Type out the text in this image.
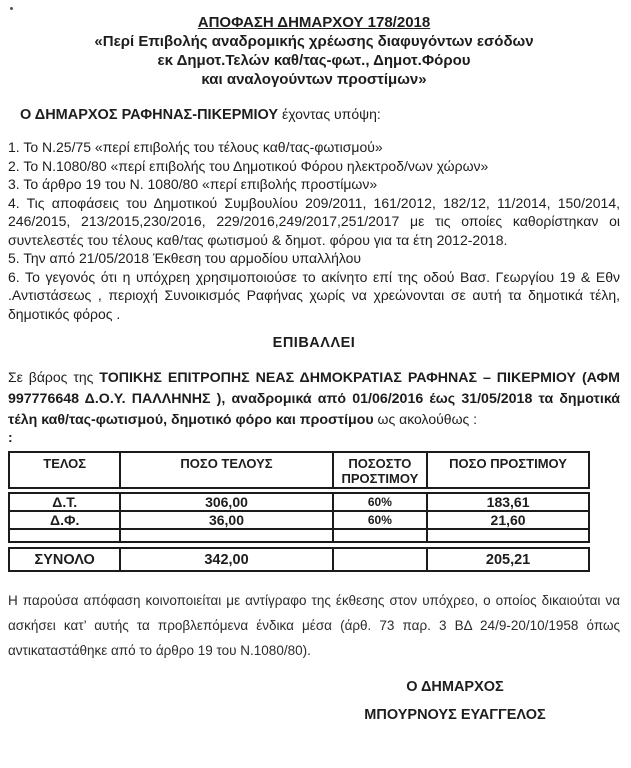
ΑΠΟΦΑΣΗ ΔΗΜΑΡΧΟΥ 178/2018
«Περί Επιβολής αναδρομικής χρέωσης διαφυγόντων εσόδων
εκ Δημοτ.Τελών καθ/τας-φωτ., Δημοτ.Φόρου
και αναλογούντων προστίμων»

Ο ΔΗΜΑΡΧΟΣ ΡΑΦΗΝΑΣ-ΠΙΚΕΡΜΙΟΥ έχοντας υπόψη:

1. Το Ν.25/75 «περί επιβολής του τέλους καθ/τας-φωτισμού»

2. Το Ν.1080/80 «περί επιβολής του Δημοτικού Φόρου ηλεκτροδ/νων χώρων»

3. Το άρθρο 19 του Ν. 1080/80 «περί επιβολής προστίμων»

4. Τις αποφάσεις του Δημοτικού Συμβουλίου 209/2011, 161/2012, 182/12, 11/2014, 150/2014, 246/2015, 213/2015,230/2016, 229/2016,249/2017,251/2017 με τις οποίες καθορίστηκαν οι συντελεστές του τέλους καθ/τας φωτισμού & δημοτ. φόρου για τα έτη 2012-2018.

5. Την από 21/05/2018 Έκθεση του αρμοδίου υπαλλήλου

6. Το γεγονός ότι η υπόχρεη χρησιμοποιούσε το ακίνητο επί της οδού Βασ. Γεωργίου 19 & Εθν .Αντιστάσεως , περιοχή Συνοικισμός Ραφήνας χωρίς να χρεώνονται σε αυτή τα δημοτικά τέλη, δημοτικός φόρος .

ΕΠΙΒΑΛΛΕΙ

Σε βάρος της ΤΟΠΙΚΗΣ ΕΠΙΤΡΟΠΗΣ ΝΕΑΣ ΔΗΜΟΚΡΑΤΙΑΣ ΡΑΦΗΝΑΣ – ΠΙΚΕΡΜΙΟΥ (ΑΦΜ 997776648 Δ.Ο.Υ. ΠΑΛΛΗΝΗΣ ), αναδρομικά από 01/06/2016 έως 31/05/2018 τα δημοτικά τέλη καθ/τας-φωτισμού, δημοτικό φόρο και προστίμου ως ακολούθως :

:
ΤΕΛΟΣ	ΠΟΣΟ ΤΕΛΟΥΣ	ΠΟΣΟΣΤΟ ΠΡΟΣΤΙΜΟΥ	ΠΟΣΟ ΠΡΟΣΤΙΜΟΥ
Δ.Τ.	306,00	60%	183,61
Δ.Φ.	36,00	60%	21,60

ΣΥΝΟΛΟ	342,00		205,21

Η παρούσα απόφαση κοινοποιείται με αντίγραφο της έκθεσης στον υπόχρεο, ο οποίος δικαιούται να ασκήσει κατ’ αυτής τα προβλεπόμενα ένδικα μέσα (άρθ. 73 παρ. 3 ΒΔ 24/9-20/10/1958 όπως αντικαταστάθηκε από το άρθρο 19 του Ν.1080/80).

Ο ΔΗΜΑΡΧΟΣ
ΜΠΟΥΡΝΟΥΣ ΕΥΑΓΓΕΛΟΣ
